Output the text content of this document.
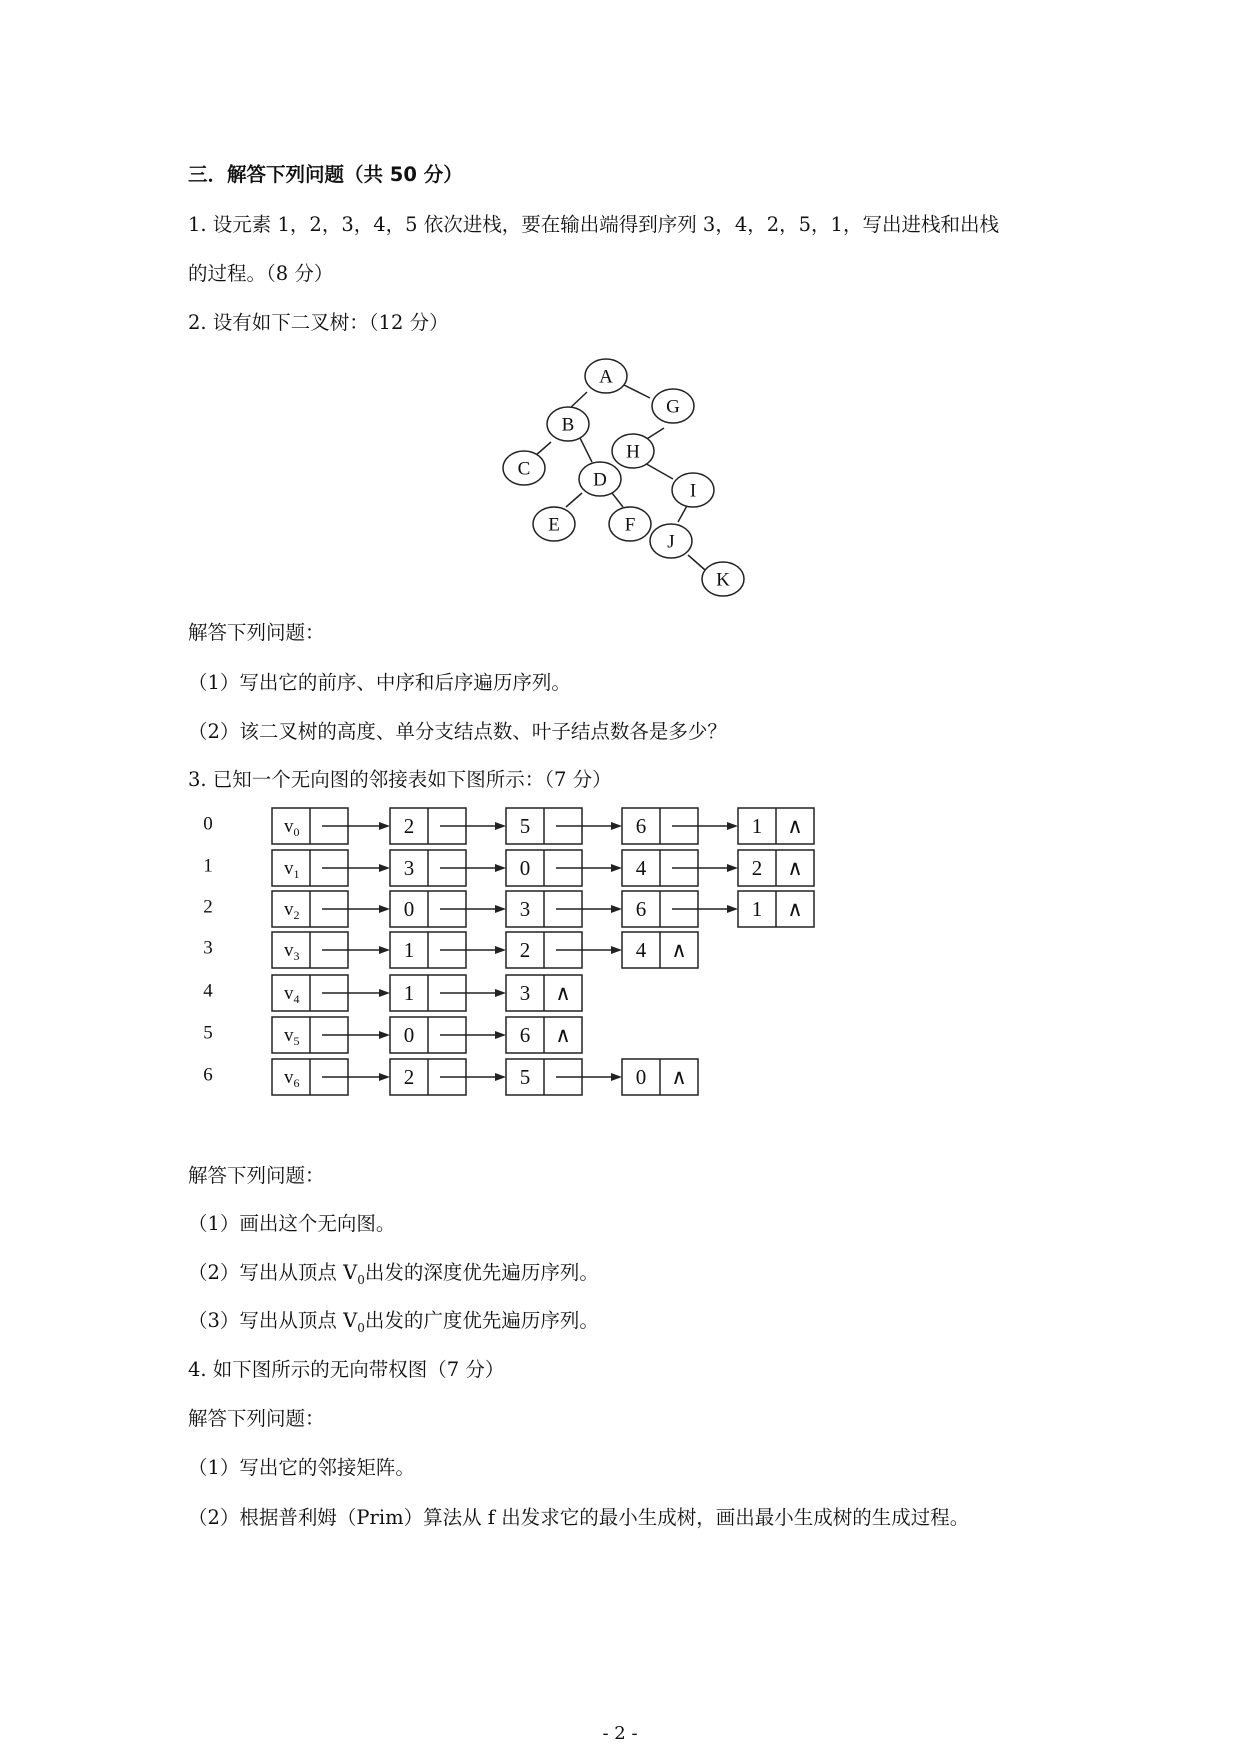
三．解答下列问题（共 50 分）
1. 设元素 1，2，3，4，5 依次进栈，要在输出端得到序列 3，4，2，5，1，写出进栈和出栈
的过程。（8 分）
2. 设有如下二叉树：（12 分）
A
G
B
H
C
D
I
E	F
J
K
解答下列问题：
（1）写出它的前序、中序和后序遍历序列。
（2）该二叉树的高度、单分支结点数、叶子结点数各是多少？
3. 已知一个无向图的邻接表如下图所示：（7 分）
0	$v_0$	2	5	6	1 ∧
1	$v_1$	3	0	4	2 ∧
2	$v_2$	0	3	6	1 ∧
3	$v_3$	1	2	4 ∧
4	$v_4$	1	3 ∧
5	$v_5$	0	6 ∧
6	$v_6$	2	5	0 ∧
解答下列问题：
（1）画出这个无向图。
（2）写出从顶点 $V_0$出发的深度优先遍历序列。
（3）写出从顶点 $V_0$出发的广度优先遍历序列。
4. 如下图所示的无向带权图（7 分）
解答下列问题：
（1）写出它的邻接矩阵。
（2）根据普利姆（Prim）算法从 f 出发求它的最小生成树，画出最小生成树的生成过程。
- 2 -
